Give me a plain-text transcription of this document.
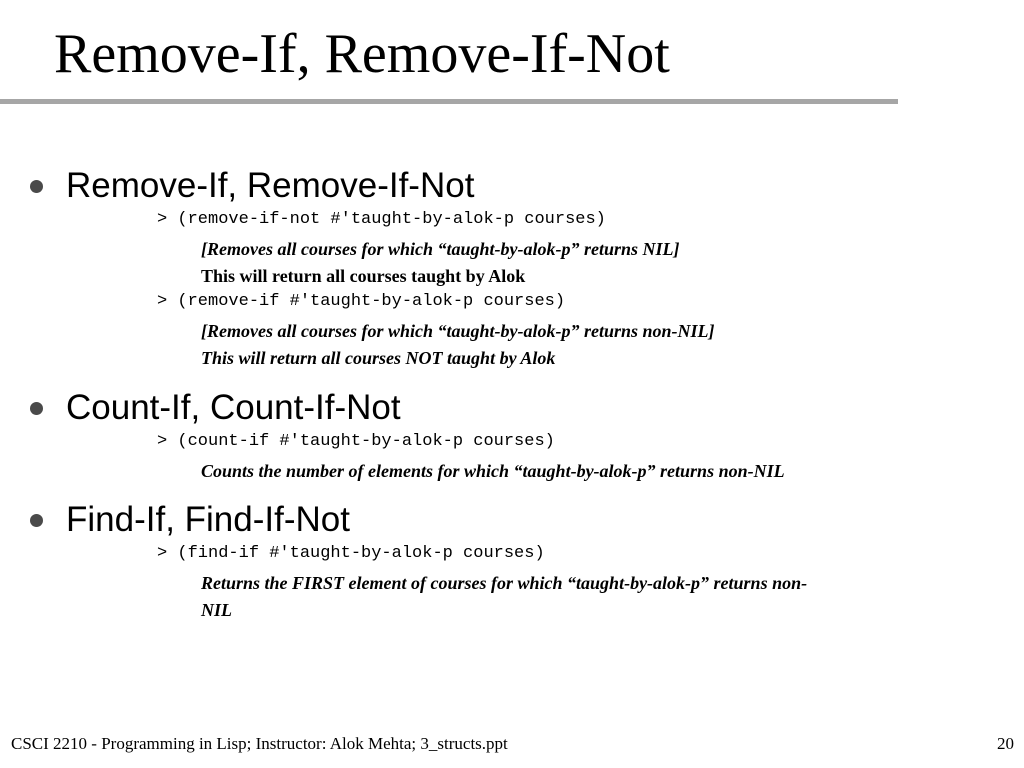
Remove-If, Remove-If-Not
Remove-If, Remove-If-Not
> (remove-if-not #'taught-by-alok-p courses)
[Removes all courses for which “taught-by-alok-p” returns NIL]
This will return all courses taught by Alok
> (remove-if #'taught-by-alok-p courses)
[Removes all courses for which “taught-by-alok-p” returns non-NIL]
This will return all courses NOT taught by Alok
Count-If, Count-If-Not
> (count-if #'taught-by-alok-p courses)
Counts the number of elements for which “taught-by-alok-p” returns non-NIL
Find-If, Find-If-Not
> (find-if #'taught-by-alok-p courses)
Returns the FIRST element of courses for which “taught-by-alok-p” returns non-
NIL
CSCI 2210 - Programming in Lisp; Instructor: Alok Mehta; 3_structs.ppt	20
